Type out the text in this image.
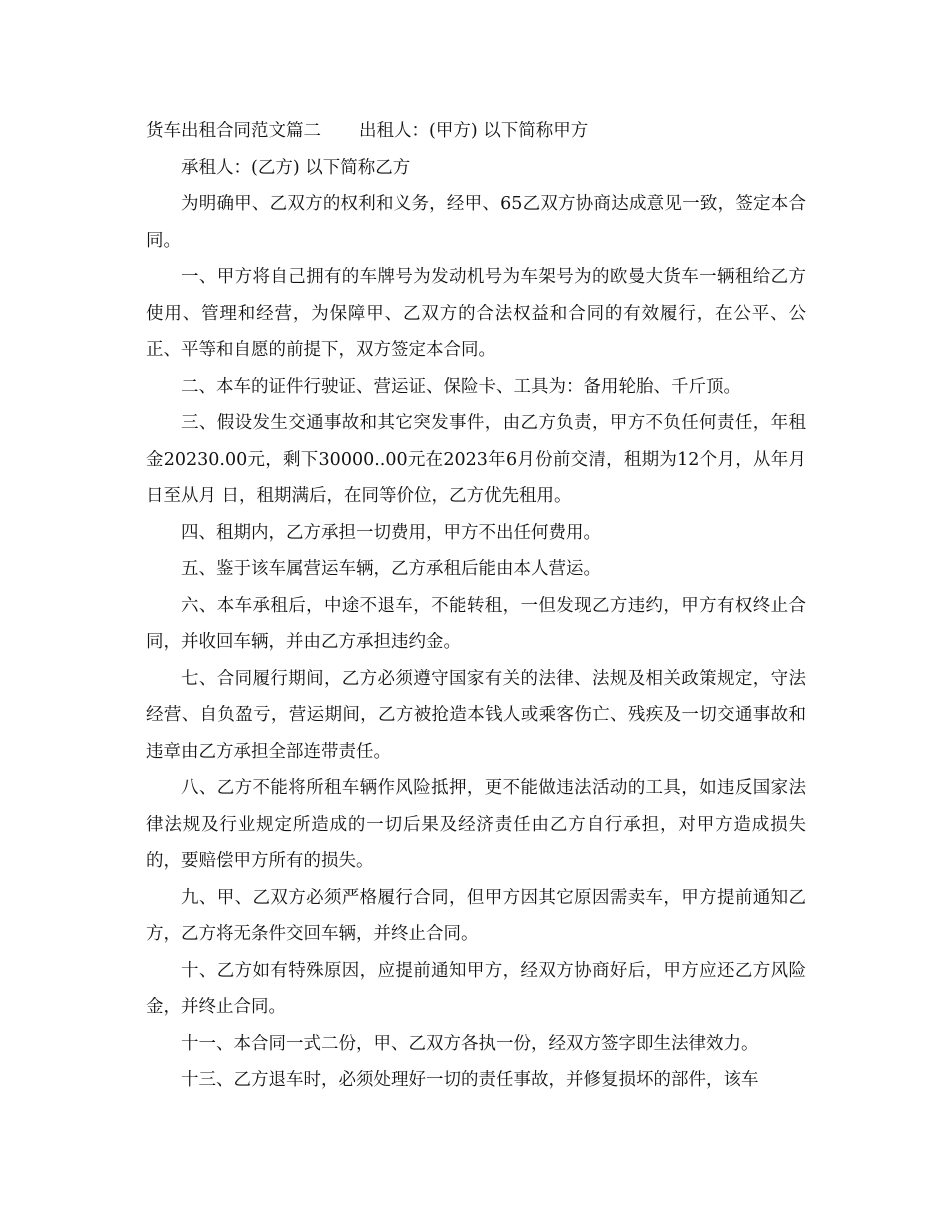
货车出租合同范文篇二 出租人：(甲方) 以下简称甲方

承租人：(乙方) 以下简称乙方

为明确甲、乙双方的权利和义务，经甲、65乙双方协商达成意见一致，签定本合同。

一、甲方将自己拥有的车牌号为发动机号为车架号为的欧曼大货车一辆租给乙方使用、管理和经营，为保障甲、乙双方的合法权益和合同的有效履行，在公平、公正、平等和自愿的前提下，双方签定本合同。

二、本车的证件行驶证、营运证、保险卡、工具为：备用轮胎、千斤顶。

三、假设发生交通事故和其它突发事件，由乙方负责，甲方不负任何责任，年租金20230.00元，剩下30000..00元在2023年6月份前交清，租期为12个月，从年月日至从月 日，租期满后，在同等价位，乙方优先租用。

四、租期内，乙方承担一切费用，甲方不出任何费用。

五、鉴于该车属营运车辆，乙方承租后能由本人营运。

六、本车承租后，中途不退车，不能转租，一但发现乙方违约，甲方有权终止合同，并收回车辆，并由乙方承担违约金。

七、合同履行期间，乙方必须遵守国家有关的法律、法规及相关政策规定，守法经营、自负盈亏，营运期间，乙方被抢造本钱人或乘客伤亡、残疾及一切交通事故和违章由乙方承担全部连带责任。

八、乙方不能将所租车辆作风险抵押，更不能做违法活动的工具，如违反国家法律法规及行业规定所造成的一切后果及经济责任由乙方自行承担，对甲方造成损失的，要赔偿甲方所有的损失。

九、甲、乙双方必须严格履行合同，但甲方因其它原因需卖车，甲方提前通知乙方，乙方将无条件交回车辆，并终止合同。

十、乙方如有特殊原因，应提前通知甲方，经双方协商好后，甲方应还乙方风险金，并终止合同。

十一、本合同一式二份，甲、乙双方各执一份，经双方签字即生法律效力。

十三、乙方退车时，必须处理好一切的责任事故，并修复损坏的部件，该车
